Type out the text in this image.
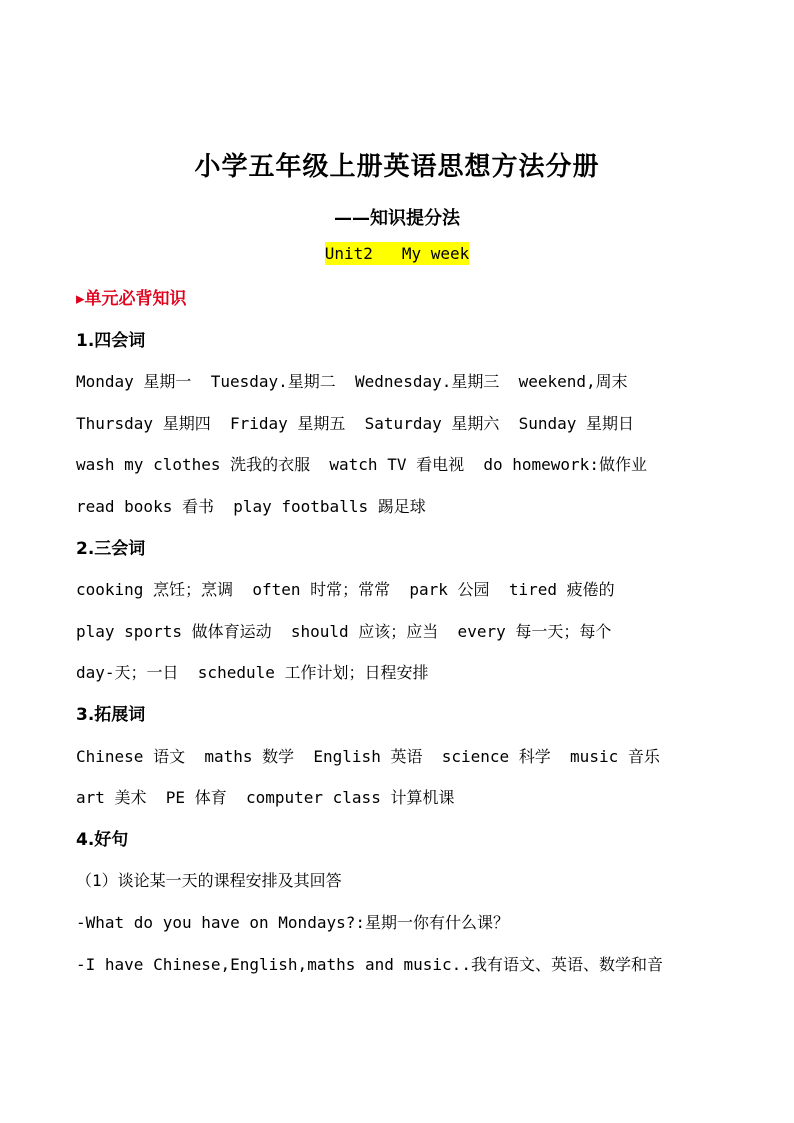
小学五年级上册英语思想方法分册
——知识提分法
Unit2   My week
▸单元必背知识
1.四会词
Monday 星期一  Tuesday.星期二  Wednesday.星期三  weekend,周末
Thursday 星期四  Friday 星期五  Saturday 星期六  Sunday 星期日
wash my clothes 洗我的衣服  watch TV 看电视  do homework:做作业
read books 看书  play footballs 踢足球
2.三会词
cooking 烹饪；烹调  often 时常；常常  park 公园  tired 疲倦的
play sports 做体育运动  should 应该；应当  every 每一天；每个
day-天；一日  schedule 工作计划；日程安排
3.拓展词
Chinese 语文  maths 数学  English 英语  science 科学  music 音乐
art 美术  PE 体育  computer class 计算机课
4.好句
（1）谈论某一天的课程安排及其回答
-What do you have on Mondays?:星期一你有什么课？
-I have Chinese,English,maths and music..我有语文、英语、数学和音
